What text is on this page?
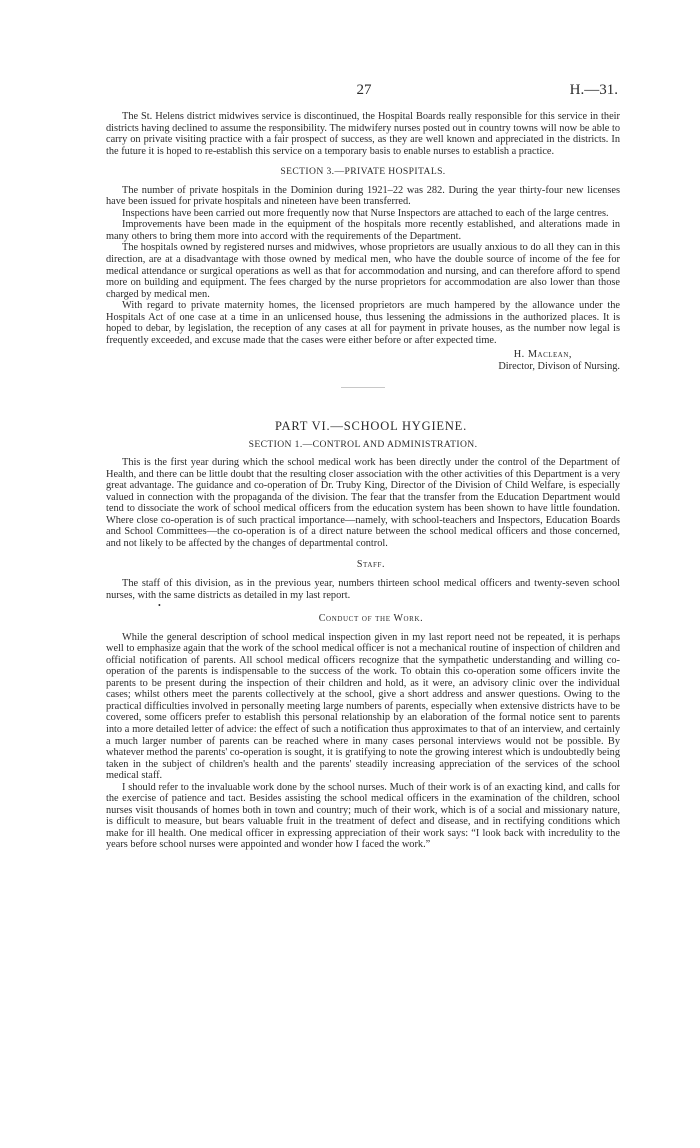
27	H.—31.

The St. Helens district midwives service is discontinued, the Hospital Boards really responsible for this service in their districts having declined to assume the responsibility. The midwifery nurses posted out in country towns will now be able to carry on private visiting practice with a fair prospect of success, as they are well known and appreciated in the districts. In the future it is hoped to re-establish this service on a temporary basis to enable nurses to establish a practice.

SECTION 3.—PRIVATE HOSPITALS.

The number of private hospitals in the Dominion during 1921–22 was 282. During the year thirty-four new licenses have been issued for private hospitals and nineteen have been transferred.

Inspections have been carried out more frequently now that Nurse Inspectors are attached to each of the large centres.

Improvements have been made in the equipment of the hospitals more recently established, and alterations made in many others to bring them more into accord with the requirements of the Department.

The hospitals owned by registered nurses and midwives, whose proprietors are usually anxious to do all they can in this direction, are at a disadvantage with those owned by medical men, who have the double source of income of the fee for medical attendance or surgical operations as well as that for accommodation and nursing, and can therefore afford to spend more on building and equipment. The fees charged by the nurse proprietors for accommodation are also lower than those charged by medical men.

With regard to private maternity homes, the licensed proprietors are much hampered by the allowance under the Hospitals Act of one case at a time in an unlicensed house, thus lessening the admissions in the authorized places. It is hoped to debar, by legislation, the reception of any cases at all for payment in private houses, as the number now legal is frequently exceeded, and excuse made that the cases were either before or after expected time.

H. Maclean,
Director, Divison of Nursing.

PART VI.—SCHOOL HYGIENE.

SECTION 1.—CONTROL AND ADMINISTRATION.

This is the first year during which the school medical work has been directly under the control of the Department of Health, and there can be little doubt that the resulting closer association with the other activities of this Department is a very great advantage. The guidance and co-operation of Dr. Truby King, Director of the Division of Child Welfare, is especially valued in connection with the propaganda of the division. The fear that the transfer from the Education Department would tend to dissociate the work of school medical officers from the education system has been shown to have little foundation. Where close co-operation is of such practical importance—namely, with school-teachers and Inspectors, Education Boards and School Committees—the co-operation is of a direct nature between the school medical officers and those concerned, and not likely to be affected by the changes of departmental control.

Staff.

The staff of this division, as in the previous year, numbers thirteen school medical officers and twenty-seven school nurses, with the same districts as detailed in my last report.

•

Conduct of the Work.

While the general description of school medical inspection given in my last report need not be repeated, it is perhaps well to emphasize again that the work of the school medical officer is not a mechanical routine of inspection of children and official notification of parents. All school medical officers recognize that the sympathetic understanding and willing co-operation of the parents is indispensable to the success of the work. To obtain this co-operation some officers invite the parents to be present during the inspection of their children and hold, as it were, an advisory clinic over the individual cases; whilst others meet the parents collectively at the school, give a short address and answer questions. Owing to the practical difficulties involved in personally meeting large numbers of parents, especially when extensive districts have to be covered, some officers prefer to establish this personal relationship by an elaboration of the formal notice sent to parents into a more detailed letter of advice: the effect of such a notification thus approximates to that of an interview, and certainly a much larger number of parents can be reached where in many cases personal interviews would not be possible. By whatever method the parents' co-operation is sought, it is gratifying to note the growing interest which is undoubtedly being taken in the subject of children's health and the parents' steadily increasing appreciation of the services of the school medical staff.

I should refer to the invaluable work done by the school nurses. Much of their work is of an exacting kind, and calls for the exercise of patience and tact. Besides assisting the school medical officers in the examination of the children, school nurses visit thousands of homes both in town and country; much of their work, which is of a social and missionary nature, is difficult to measure, but bears valuable fruit in the treatment of defect and disease, and in rectifying conditions which make for ill health. One medical officer in expressing appreciation of their work says: “I look back with incredulity to the years before school nurses were appointed and wonder how I faced the work.”
